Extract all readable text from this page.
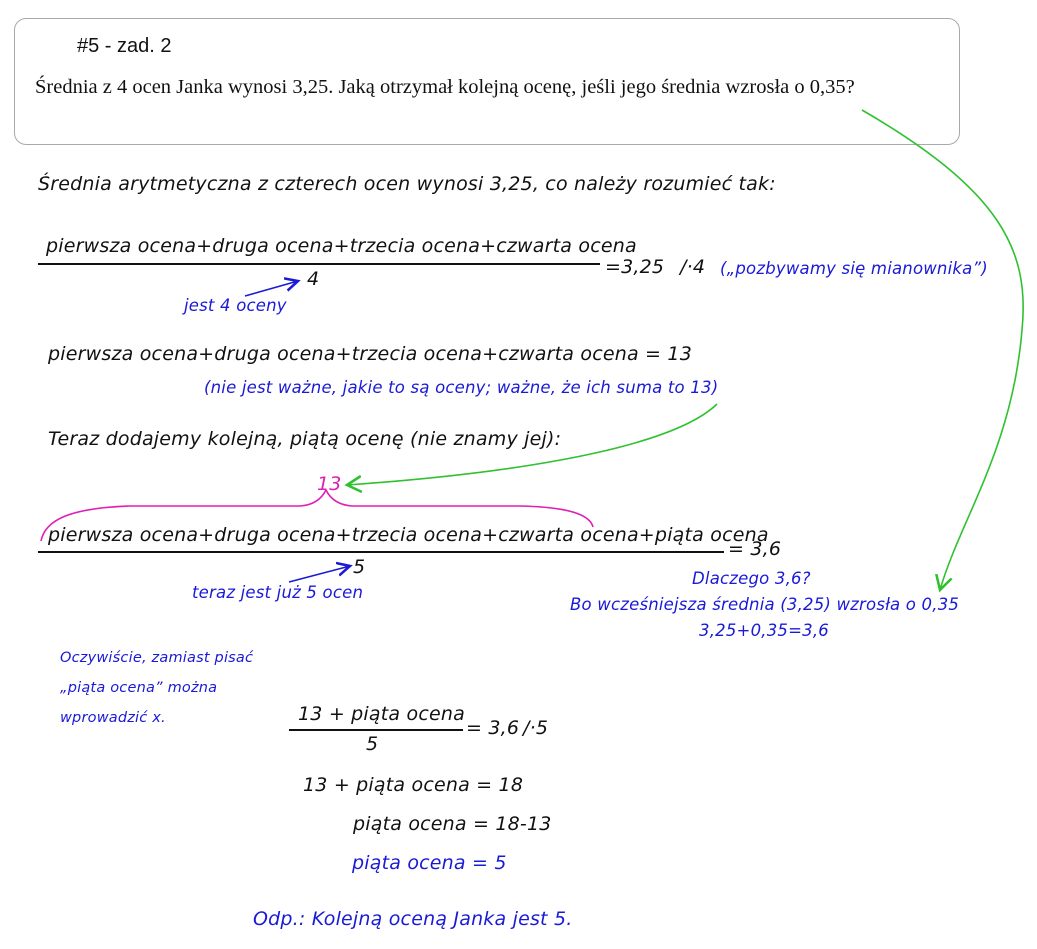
#5 - zad. 2
Średnia z 4 ocen Janka wynosi 3,25. Jaką otrzymał kolejną ocenę, jeśli jego średnia wzrosła o 0,35?
Średnia arytmetyczna z czterech ocen wynosi 3,25, co należy rozumieć tak:
pierwsza ocena+druga ocena+trzecia ocena+czwarta ocena
4
=3,25 /·4 („pozbywamy się mianownika”)
jest 4 oceny
pierwsza ocena+druga ocena+trzecia ocena+czwarta ocena = 13
(nie jest ważne, jakie to są oceny; ważne, że ich suma to 13)
Teraz dodajemy kolejną, piątą ocenę (nie znamy jej):
13
pierwsza ocena+druga ocena+trzecia ocena+czwarta ocena+piąta ocena
5
= 3,6
teraz jest już 5 ocen
Dlaczego 3,6?
Bo wcześniejsza średnia (3,25) wzrosła o 0,35
3,25+0,35=3,6
Oczywiście, zamiast pisać
„piąta ocena” można
wprowadzić x.	13 + piąta ocena
5
= 3,6 /·5
13 + piąta ocena = 18
piąta ocena = 18-13
piąta ocena = 5
Odp.: Kolejną oceną Janka jest 5.
